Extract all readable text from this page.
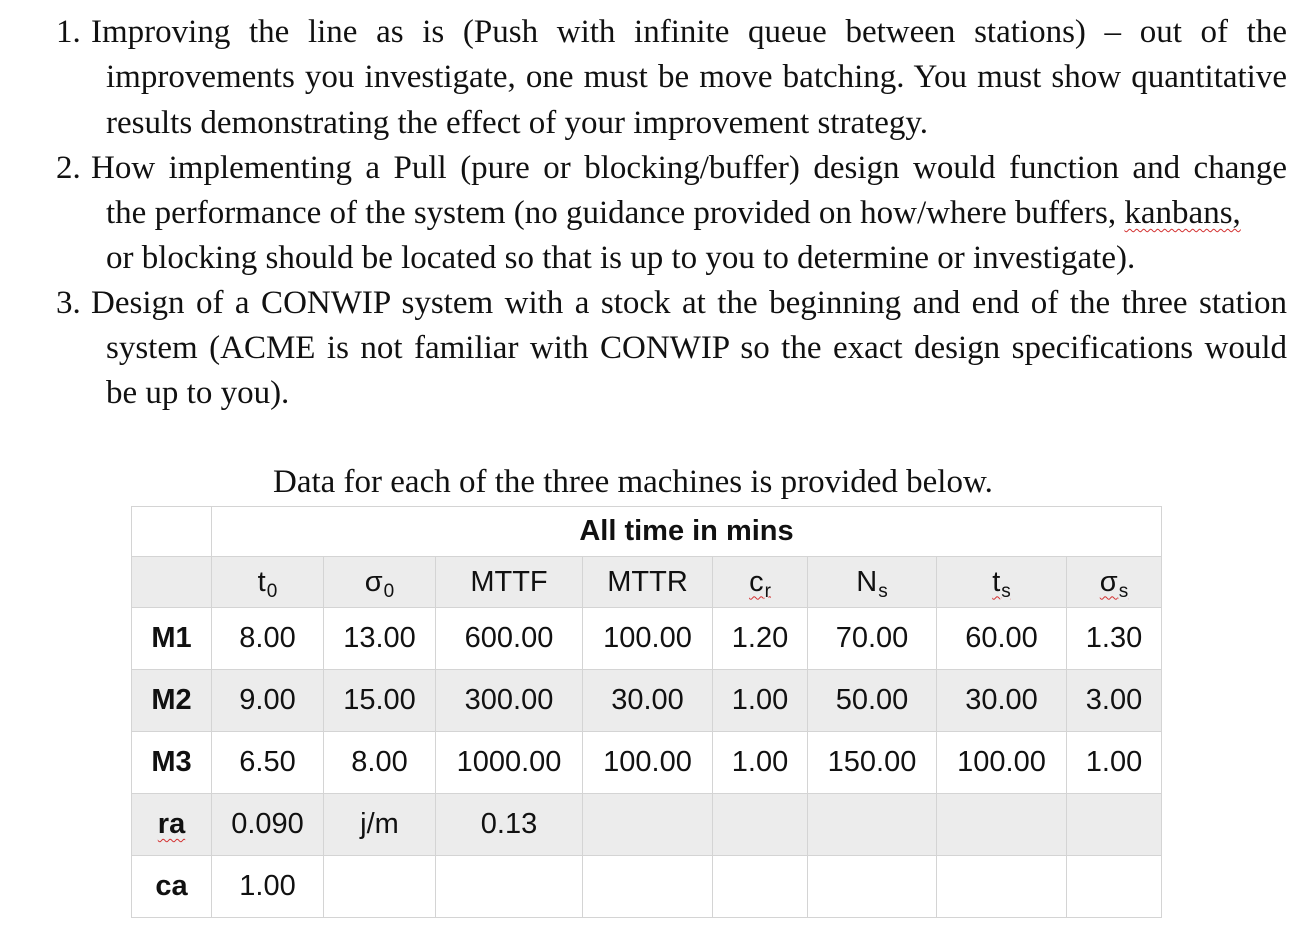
1. Improving the line as is (Push with infinite queue between stations) – out of the
improvements you investigate, one must be move batching. You must show quantitative
results demonstrating the effect of your improvement strategy.
2. How implementing a Pull (pure or blocking/buffer) design would function and change
the performance of the system (no guidance provided on how/where buffers, kanbans,
or blocking should be located so that is up to you to determine or investigate).
3. Design of a CONWIP system with a stock at the beginning and end of the three station
system (ACME is not familiar with CONWIP so the exact design specifications would
be up to you).
Data for each of the three machines is provided below.
	All time in mins							
	$t_0$	$\sigma_0$	MTTF	MTTR	$c_r$	$N_s$	$t_s$	$\sigma_s$
M1	8.00	13.00	600.00	100.00	1.20	70.00	60.00	1.30
M2	9.00	15.00	300.00	30.00	1.00	50.00	30.00	3.00
M3	6.50	8.00	1000.00	100.00	1.00	150.00	100.00	1.00
ra	0.090	j/m	0.13					
ca	1.00							
